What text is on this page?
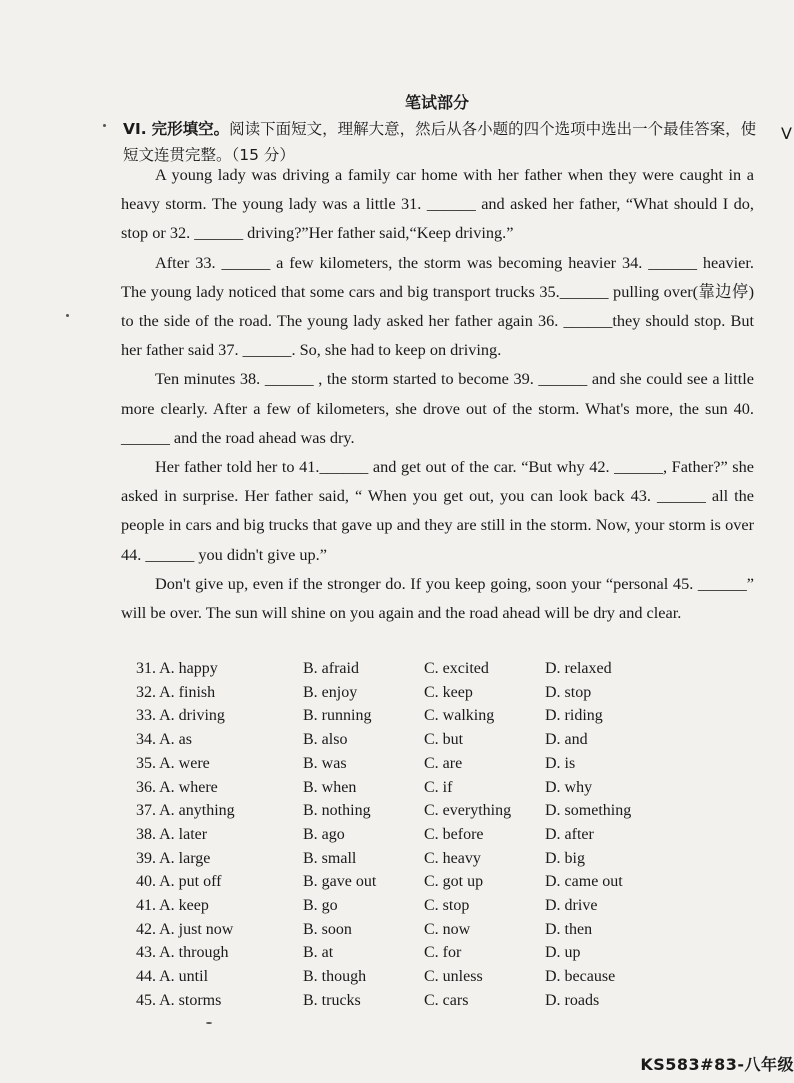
笔试部分
VI. 完形填空。阅读下面短文，理解大意，然后从各小题的四个选项中选出一个最佳答案，使短文连贯完整。（15 分）

A young lady was driving a family car home with her father when they were caught in a heavy storm. The young lady was a little 31. ______ and asked her father, “What should I do, stop or 32. ______ driving?”Her father said,“Keep driving.”

After 33. ______ a few kilometers, the storm was becoming heavier 34. ______ heavier. The young lady noticed that some cars and big transport trucks 35.______ pulling over(靠边停) to the side of the road. The young lady asked her father again 36. ______they should stop. But her father said 37. ______. So, she had to keep on driving.

Ten minutes 38. ______ , the storm started to become 39. ______ and she could see a little more clearly. After a few of kilometers, she drove out of the storm. What's more, the sun 40. ______ and the road ahead was dry.

Her father told her to 41.______ and get out of the car. “But why 42. ______, Father?” she asked in surprise. Her father said, “ When you get out, you can look back 43. ______ all the people in cars and big trucks that gave up and they are still in the storm. Now, your storm is over 44. ______ you didn't give up.”

Don't give up, even if the stronger do. If you keep going, soon your “personal 45. ______” will be over. The sun will shine on you again and the road ahead will be dry and clear.

31. A. happy	B. afraid	C. excited	D. relaxed
32. A. finish	B. enjoy	C. keep	D. stop
33. A. driving	B. running	C. walking	D. riding
34. A. as	B. also	C. but	D. and
35. A. were	B. was	C. are	D. is
36. A. where	B. when	C. if	D. why
37. A. anything	B. nothing	C. everything	D. something
38. A. later	B. ago	C. before	D. after
39. A. large	B. small	C. heavy	D. big
40. A. put off	B. gave out	C. got up	D. came out
41. A. keep	B. go	C. stop	D. drive
42. A. just now	B. soon	C. now	D. then
43. A. through	B. at	C. for	D. up
44. A. until	B. though	C. unless	D. because
45. A. storms	B. trucks	C. cars	D. roads
KS583#83-八年级
V
